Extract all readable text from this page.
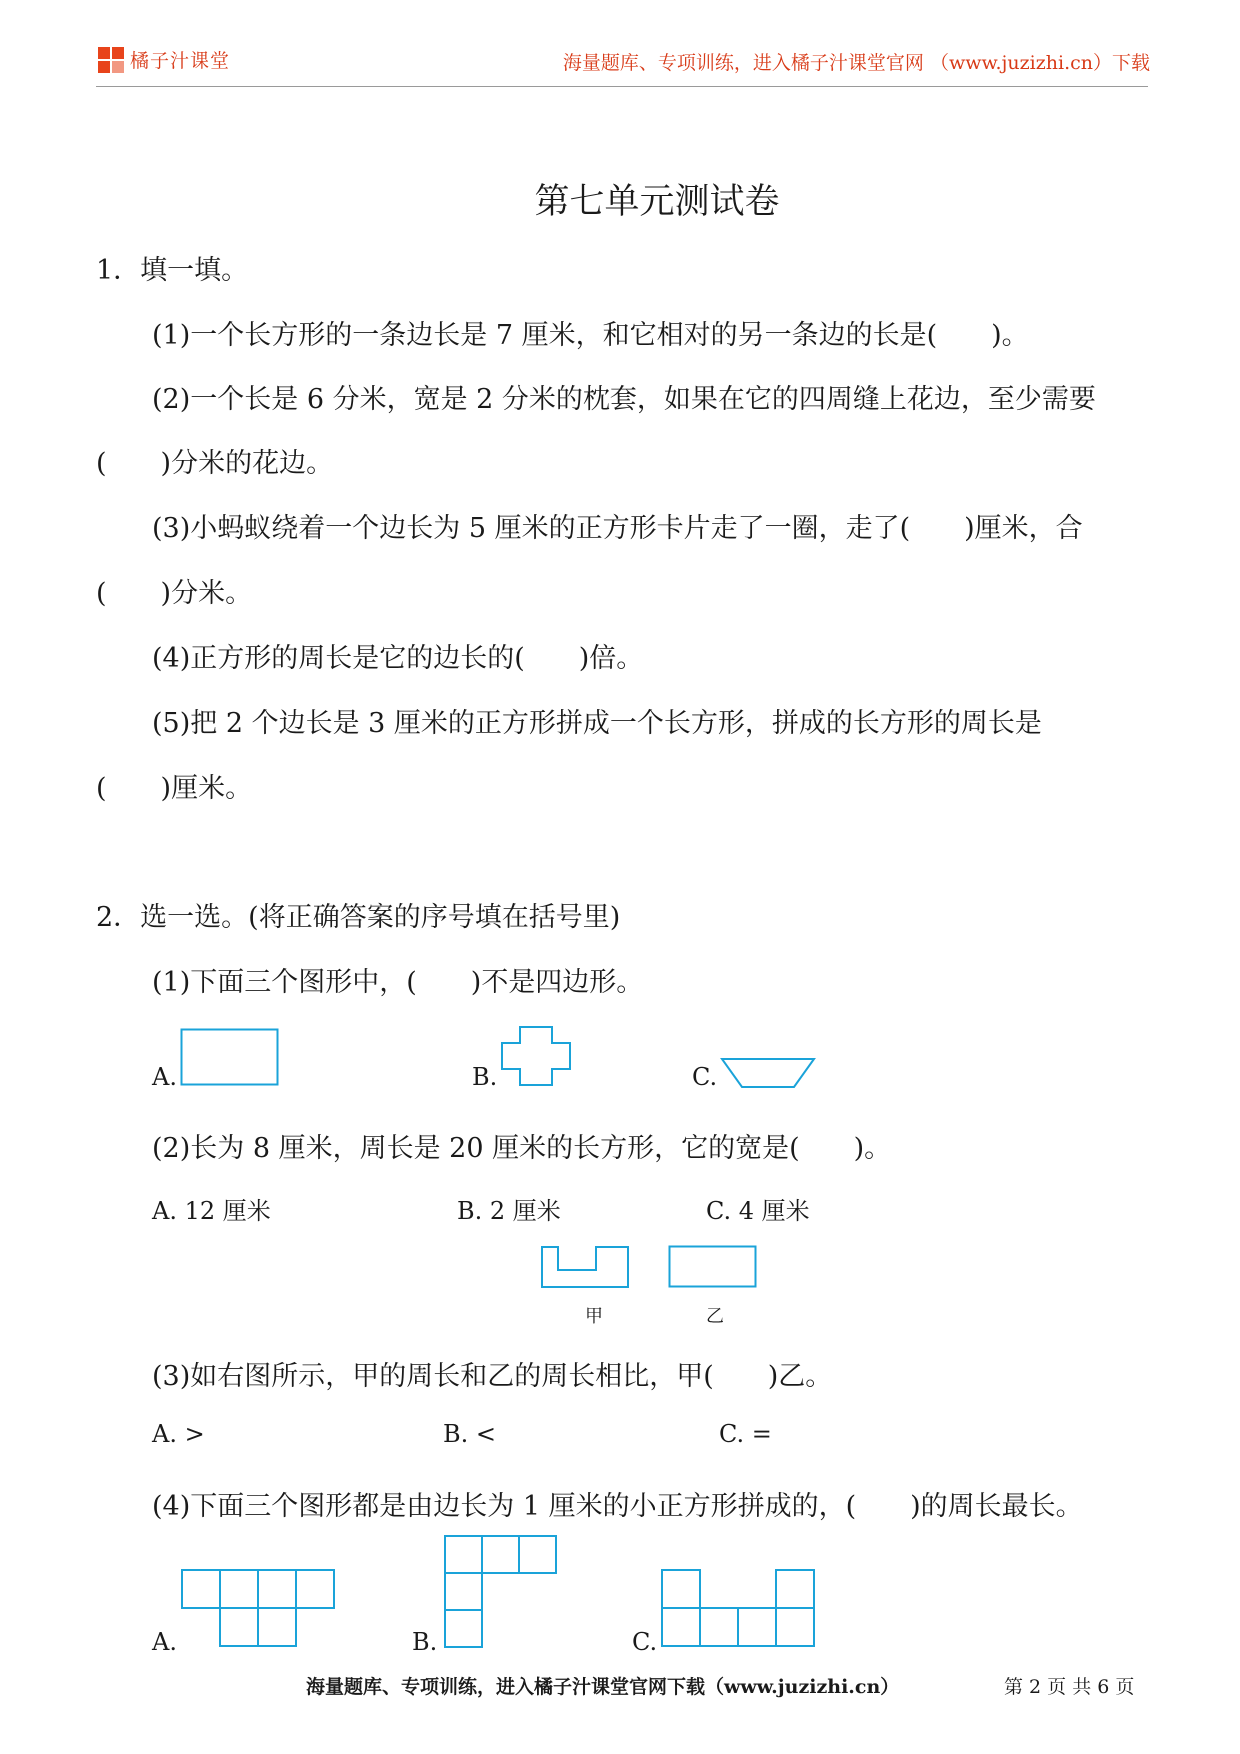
橘子汁课堂	海量题库、专项训练，进入橘子汁课堂官网 （www.juzizhi.cn）下载
第七单元测试卷
1．填一填。
(1)一个长方形的一条边长是 7 厘米，和它相对的另一条边的长是(　　)。
(2)一个长是 6 分米，宽是 2 分米的枕套，如果在它的四周缝上花边，至少需要
(　　)分米的花边。
(3)小蚂蚁绕着一个边长为 5 厘米的正方形卡片走了一圈，走了(　　)厘米，合
(　　)分米。
(4)正方形的周长是它的边长的(　　)倍。
(5)把 2 个边长是 3 厘米的正方形拼成一个长方形，拼成的长方形的周长是
(　　)厘米。
2．选一选。(将正确答案的序号填在括号里)
(1)下面三个图形中，(　　)不是四边形。
A.	B.	C.
(2)长为 8 厘米，周长是 20 厘米的长方形，它的宽是(　　)。
A. 12 厘米	B. 2 厘米	C. 4 厘米
甲	乙
(3)如右图所示，甲的周长和乙的周长相比，甲(　　)乙。
A. >	B. <	C. =
(4)下面三个图形都是由边长为 1 厘米的小正方形拼成的，(　　)的周长最长。
A.	B.	C.
海量题库、专项训练，进入橘子汁课堂官网下载（www.juzizhi.cn）	第 2 页 共 6 页
